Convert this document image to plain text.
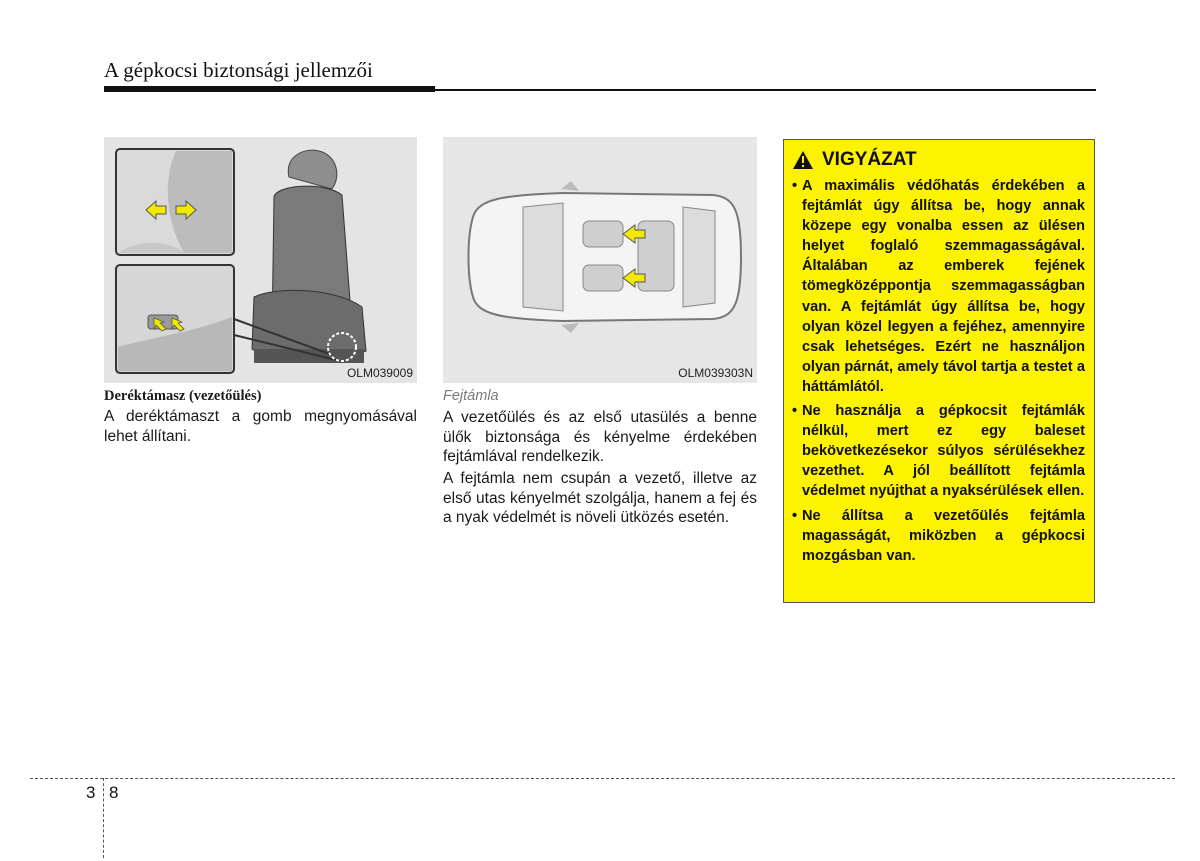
A gépkocsi biztonsági jellemzői
OLM039009	OLM039303N
Deréktámasz (vezetőülés)
A deréktámaszt a gomb megnyomásával lehet állítani.
Fejtámla
A vezetőülés és az első utasülés a benne ülők biztonsága és kényelme érdekében fejtámlával rendelkezik.
A fejtámla nem csupán a vezető, illetve az első utas kényelmét szolgálja, hanem a fej és a nyak védelmét is növeli ütközés esetén.
VIGYÁZAT
• A maximális védőhatás érdekében a fejtámlát úgy állítsa be, hogy annak közepe egy vonalba essen az ülésen helyet foglaló szemmagasságával. Általában az emberek fejének tömegközéppontja szemmagasságban van. A fejtámlát úgy állítsa be, hogy olyan közel legyen a fejéhez, amennyire csak lehetséges. Ezért ne használjon olyan párnát, amely távol tartja a testet a háttámlától.
• Ne használja a gépkocsit fejtámlák nélkül, mert ez egy baleset bekövetkezésekor súlyos sérülésekhez vezethet. A jól beállított fejtámla védelmet nyújthat a nyaksérülések ellen.
• Ne állítsa a vezetőülés fejtámla magasságát, miközben a gépkocsi mozgásban van.
3 8
